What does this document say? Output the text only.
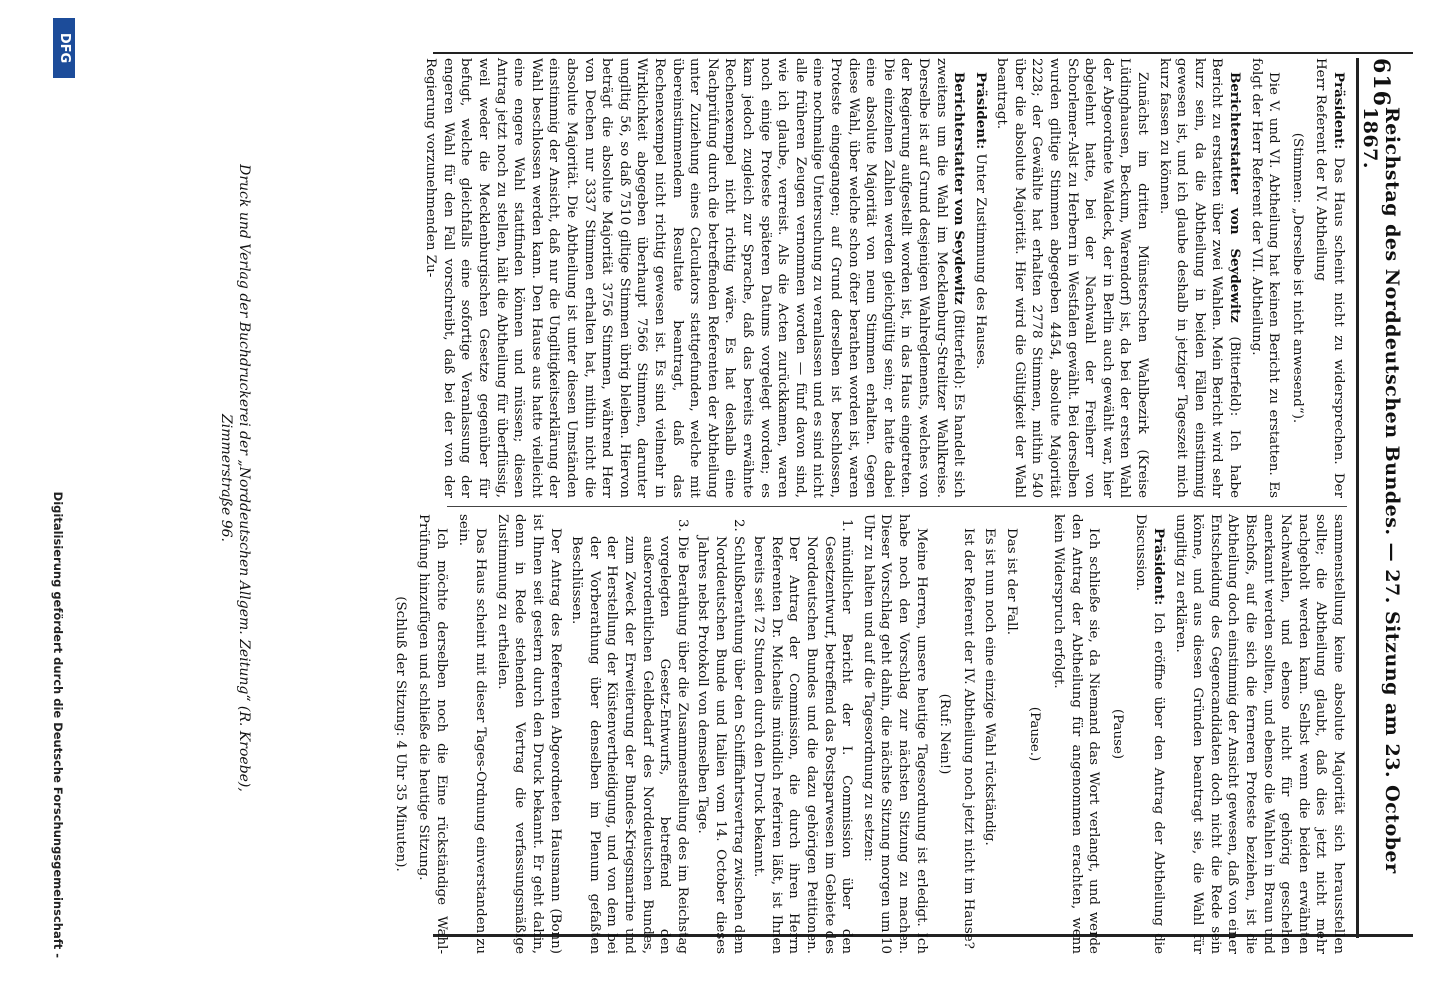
616
Reichstag des Norddeutschen Bundes. — 27. Sitzung am 23. October 1867.

Präsident: Das Haus scheint nicht zu widersprechen. Der Herr Referent der IV. Abtheilung

(Stimmen: „Derselbe ist nicht anwesend“).

Die V. und VI. Abtheilung hat keinen Bericht zu erstatten. Es folgt der Herr Referent der VII. Abtheilung.

Berichterstatter von Seydewitz (Bitterfeld): Ich habe Bericht zu erstatten über zwei Wahlen. Mein Bericht wird sehr kurz sein, da die Abtheilung in beiden Fällen einstimmig gewesen ist, und ich glaube deshalb in jetziger Tageszeit mich kurz fassen zu können.

Zunächst im dritten Münsterschen Wahlbezirk (Kreise Lüdinghausen, Beckum, Warendorf) ist, da bei der ersten Wahl der Abgeordnete Waldeck, der in Berlin auch gewählt war, hier abgelehnt hatte, bei der Nachwahl der Freiherr von Schorlemer-Alst zu Herbern in Westfalen gewählt. Bei derselben wurden giltige Stimmen abgegeben 4454, absolute Majorität 2228; der Gewählte hat erhalten 2778 Stimmen, mithin 540 über die absolute Majorität. Hier wird die Gültigkeit der Wahl beantragt.

Präsident: Unter Zustimmung des Hauses.

Berichterstatter von Seydewitz (Bitterfeld): Es handelt sich zweitens um die Wahl im Mecklenburg-Strelitzer Wahlkreise. Derselbe ist auf Grund desjenigen Wahlreglements, welches von der Regierung aufgestellt worden ist, in das Haus eingetreten. Die einzelnen Zahlen werden gleichgültig sein; er hatte dabei eine absolute Majorität von neun Stimmen erhalten. Gegen diese Wahl, über welche schon öfter berathen worden ist, waren Proteste eingegangen; auf Grund derselben ist beschlossen, eine nochmalige Untersuchung zu veranlassen und es sind nicht alle früheren Zeugen vernommen worden — fünf davon sind, wie ich glaube, verreist. Als die Acten zurückkamen, waren noch einige Proteste späteren Datums vorgelegt worden; es kam jedoch zugleich zur Sprache, daß das bereits erwähnte Rechenexempel nicht richtig wäre. Es hat deshalb eine Nachprüfung durch die betreffenden Referenten der Abtheilung unter Zuziehung eines Calculators stattgefunden, welche mit übereinstimmendem Resultate beantragt, daß das Rechenexempel nicht richtig gewesen ist. Es sind vielmehr in Wirklichkeit abgegeben überhaupt 7566 Stimmen, darunter ungiltig 56, so daß 7510 giltige Stimmen übrig bleiben. Hiervon beträgt die absolute Majorität 3756 Stimmen, während Herr von Dechen nur 3337 Stimmen erhalten hat, mithin nicht die absolute Majorität. Die Abtheilung ist unter diesen Umständen einstimmig der Ansicht, daß nur die Ungiltigkeitserklärung der Wahl beschlossen werden kann. Den Hause aus hatte vielleicht eine engere Wahl stattfinden können und müssen; diesen Antrag jetzt noch zu stellen, hält die Abtheilung für überflüssig, weil weder die Mecklenburgischen Gesetze gegenüber für befugt, welche gleichfalls eine sofortige Veranlassung der engeren Wahl für den Fall vorschreibt, daß bei der von der Regierung vorzunehmenden Zu-

sammenstellung keine absolute Majorität sich herausstellen sollte; die Abtheilung glaubt, daß dies jetzt nicht mehr nachgeholt werden kann. Selbst wenn die beiden erwähnten Nachwahlen, und ebenso nicht für gehörig geschehen anerkannt werden sollten, und ebenso die Wahlen in Braun und Bischofs, auf die sich die ferneren Proteste beziehen, ist die Abtheilung doch einstimmig der Ansicht gewesen, daß von einer Entscheidung des Gegencandidaten doch nicht die Rede sein könne, und aus diesen Gründen beantragt sie, die Wahl für ungiltig zu erklären.

Präsident: Ich eröffne über den Antrag der Abtheilung die Discussion.

(Pause)

Ich schließe sie, da Niemand das Wort verlangt, und werde den Antrag der Abtheilung für angenommen erachten, wenn kein Widerspruch erfolgt.

(Pause.)

Das ist der Fall.

Es ist nun noch eine einzige Wahl rückständig.

Ist der Referent der IV. Abtheilung noch jetzt nicht im Hause?

(Ruf: Nein!)

Meine Herren, unsere heutige Tagesordnung ist erledigt. Ich habe noch den Vorschlag zur nächsten Sitzung zu machen. Dieser Vorschlag geht dahin, die nächste Sitzung morgen um 10 Uhr zu halten und auf die Tagesordnung zu setzen:

1. mündlicher Bericht der I. Commission über den Gesetzentwurf, betreffend das Postsparwesen im Gebiete des Norddeutschen Bundes und die dazu gehörigen Petitionen. Der Antrag der Commission, die durch ihren Herrn Referenten Dr. Michaelis mündlich referiren läßt, ist Ihnen bereits seit 72 Stunden durch den Druck bekannt.
2. Schlußberathung über den Schifffahrtsvertrag zwischen dem Norddeutschen Bunde und Italien vom 14. October dieses Jahres nebst Protokoll von demselben Tage.
3. Die Berathung über die Zusammenstellung des im Reichstag vorgelegten Gesetz-Entwurfs, betreffend den außerordentlichen Geldbedarf des Norddeutschen Bundes, zum Zweck der Erweiterung der Bundes-Kriegsmarine und der Herstellung der Küstenvertheidigung, und von dem bei der Vorberathung über denselben im Plenum gefaßten Beschlüssen.

Der Antrag des Referenten Abgeordneten Hausmann (Bonn) ist Ihnen seit gestern durch den Druck bekannt. Er geht dahin, denn in Rede stehenden Vertrag die verfassungsmäßige Zustimmung zu ertheilen.

Das Haus scheint mit dieser Tages-Ordnung einverstanden zu sein.

Ich möchte derselben noch die Eine rückständige Wahl-Prüfung hinzufügen und schließe die heutige Sitzung.

(Schluß der Sitzung: 4 Uhr 35 Minuten).

Druck und Verlag der Buchdruckerei der „Norddeutschen Allgem. Zeitung“ (R. Kroebe), Zimmerstraße 96.
Digitalisierung gefördert durch die Deutsche Forschungsgemeinschaft -
DFG
